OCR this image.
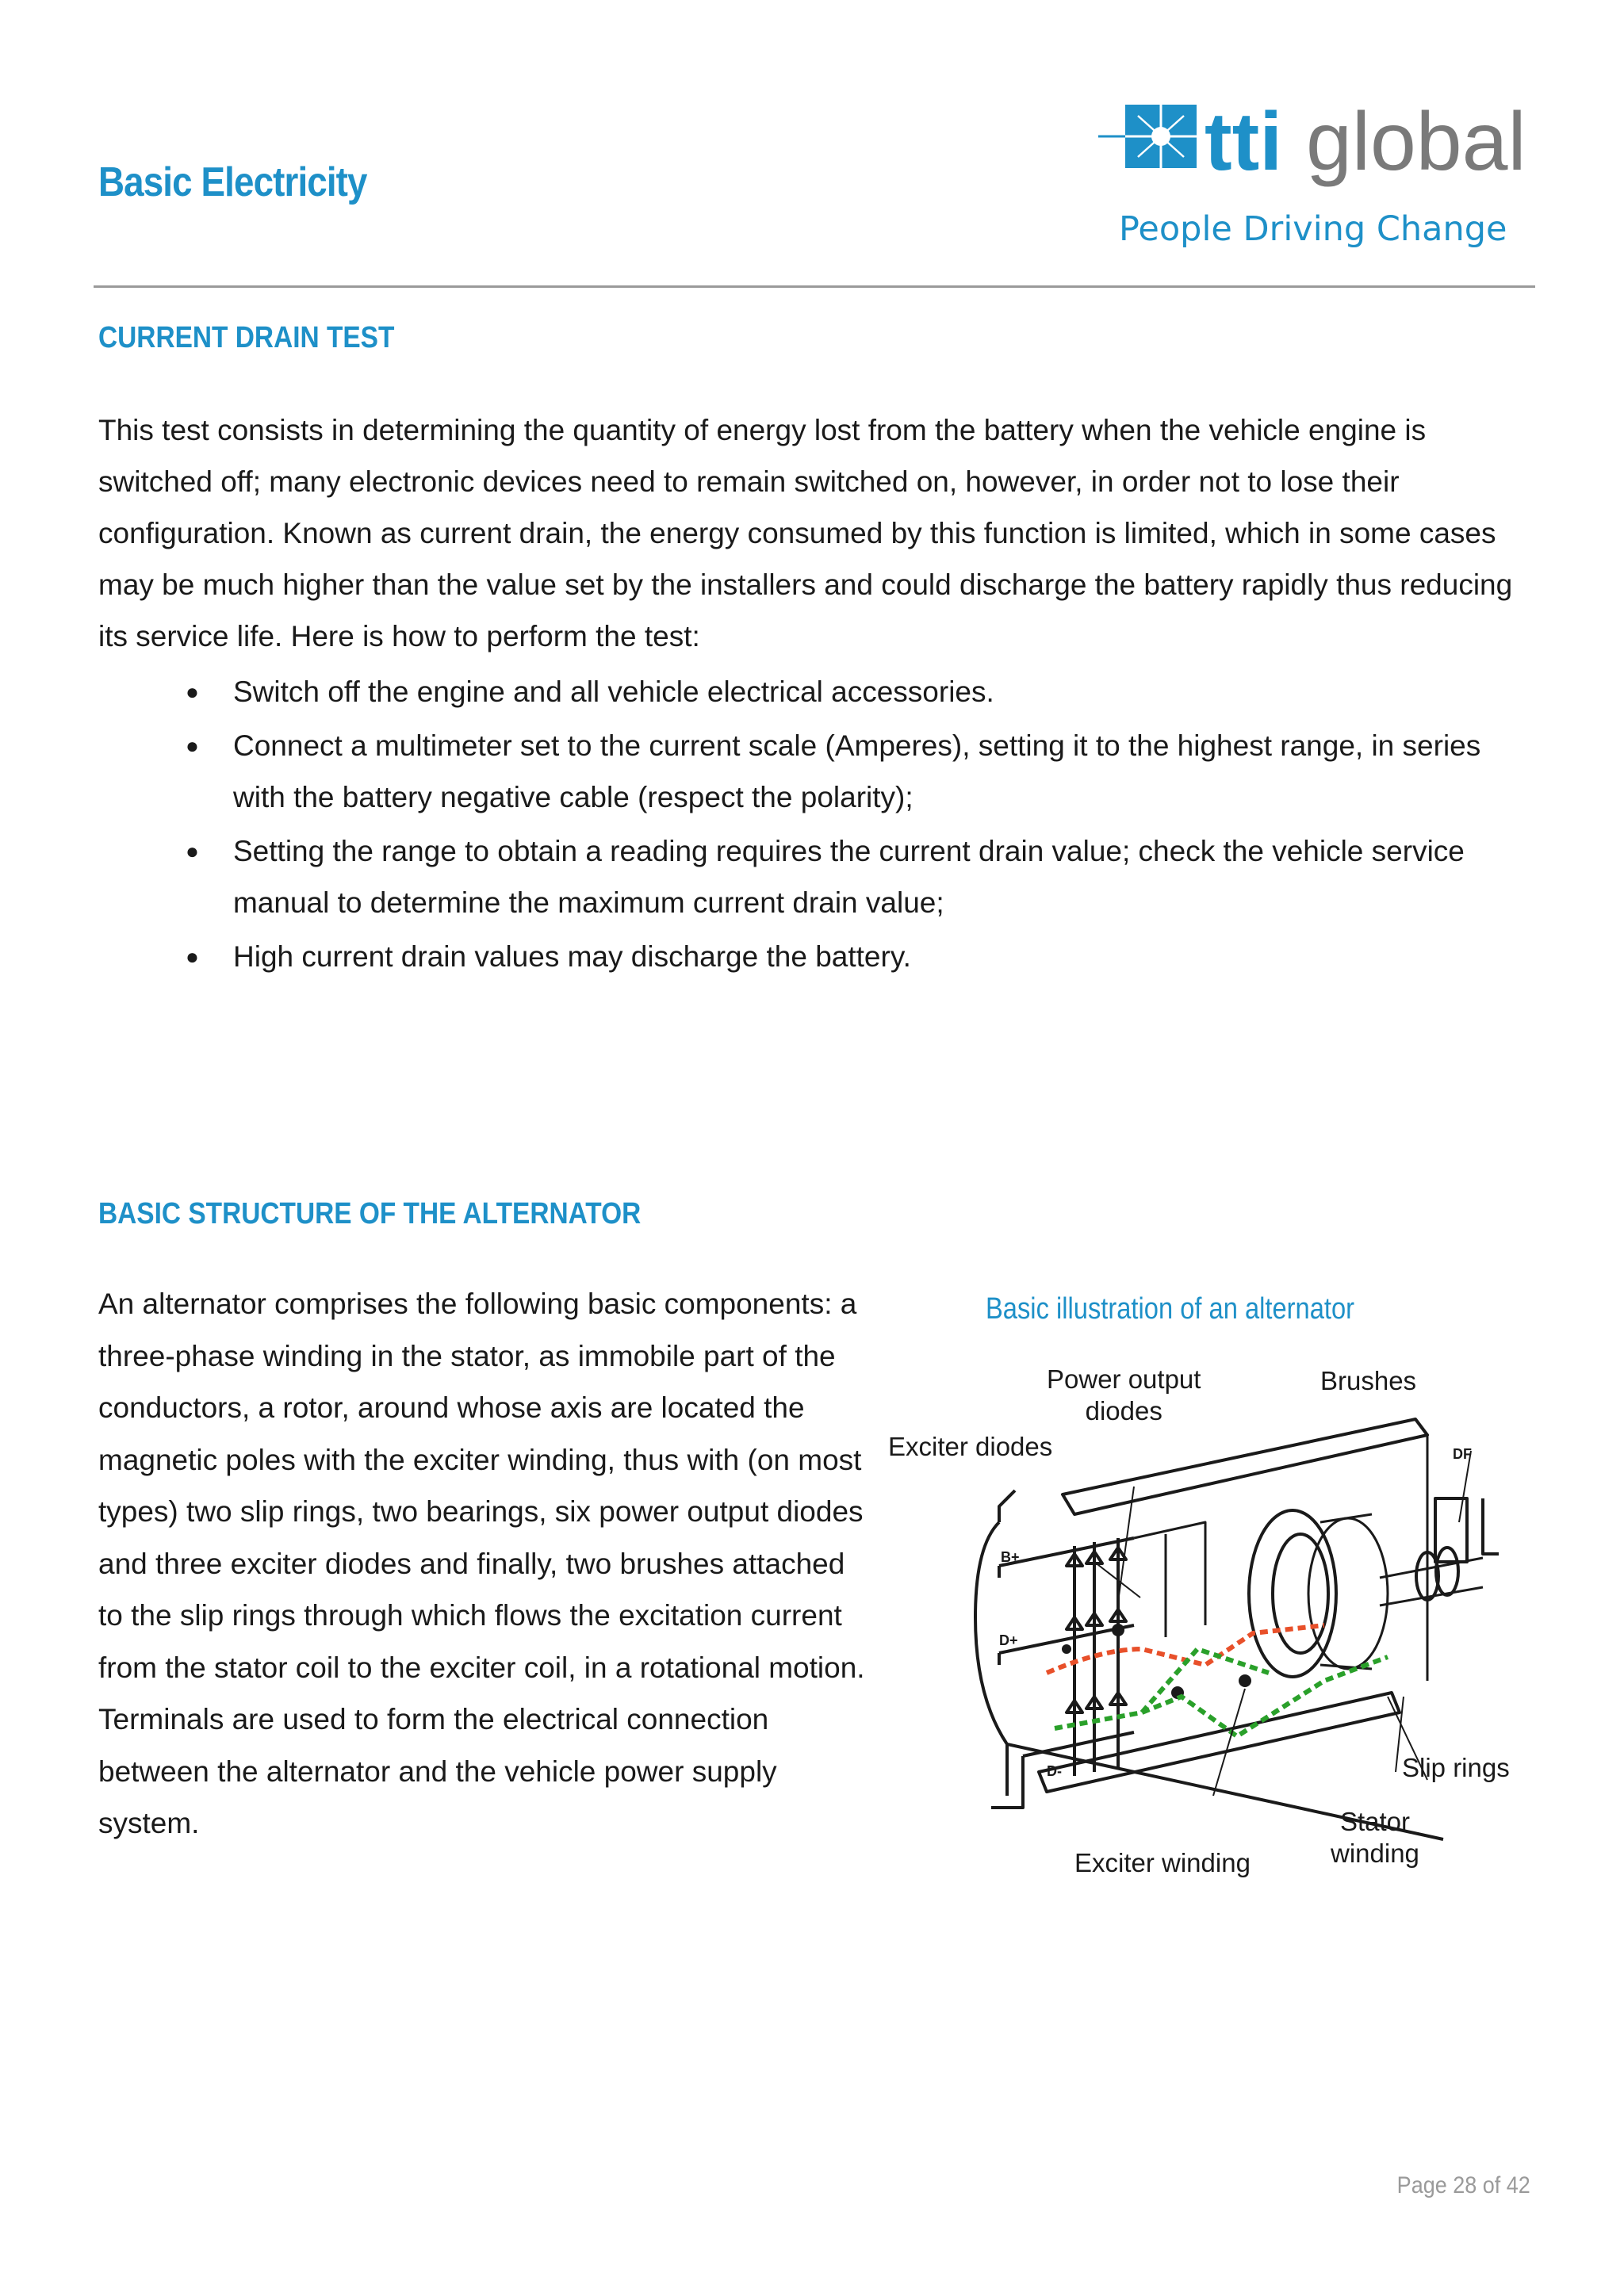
Basic Electricity	tti global
People Driving Change
CURRENT DRAIN TEST
This test consists in determining the quantity of energy lost from the battery when the vehicle engine is switched off; many electronic devices need to remain switched on, however, in order not to lose their configuration. Known as current drain, the energy consumed by this function is limited, which in some cases may be much higher than the value set by the installers and could discharge the battery rapidly thus reducing its service life. Here is how to perform the test:
● Switch off the engine and all vehicle electrical accessories.
● Connect a multimeter set to the current scale (Amperes), setting it to the highest range, in series with the battery negative cable (respect the polarity);
● Setting the range to obtain a reading requires the current drain value; check the vehicle service manual to determine the maximum current drain value;
● High current drain values may discharge the battery.
BASIC STRUCTURE OF THE ALTERNATOR
An alternator comprises the following basic components: a three-phase winding in the stator, as immobile part of the conductors, a rotor, around whose axis are located the magnetic poles with the exciter winding, thus with (on most types) two slip rings, two bearings, six power output diodes and three exciter diodes and finally, two brushes attached to the slip rings through which flows the excitation current from the stator coil to the exciter coil, in a rotational motion. Terminals are used to form the electrical connection between the alternator and the vehicle power supply system.
Basic illustration of an alternator
B+
D+
D-
DF
Power output
diodes
Brushes
Exciter diodes
Slip rings
Stator
winding
Exciter winding
Page 28 of 42
